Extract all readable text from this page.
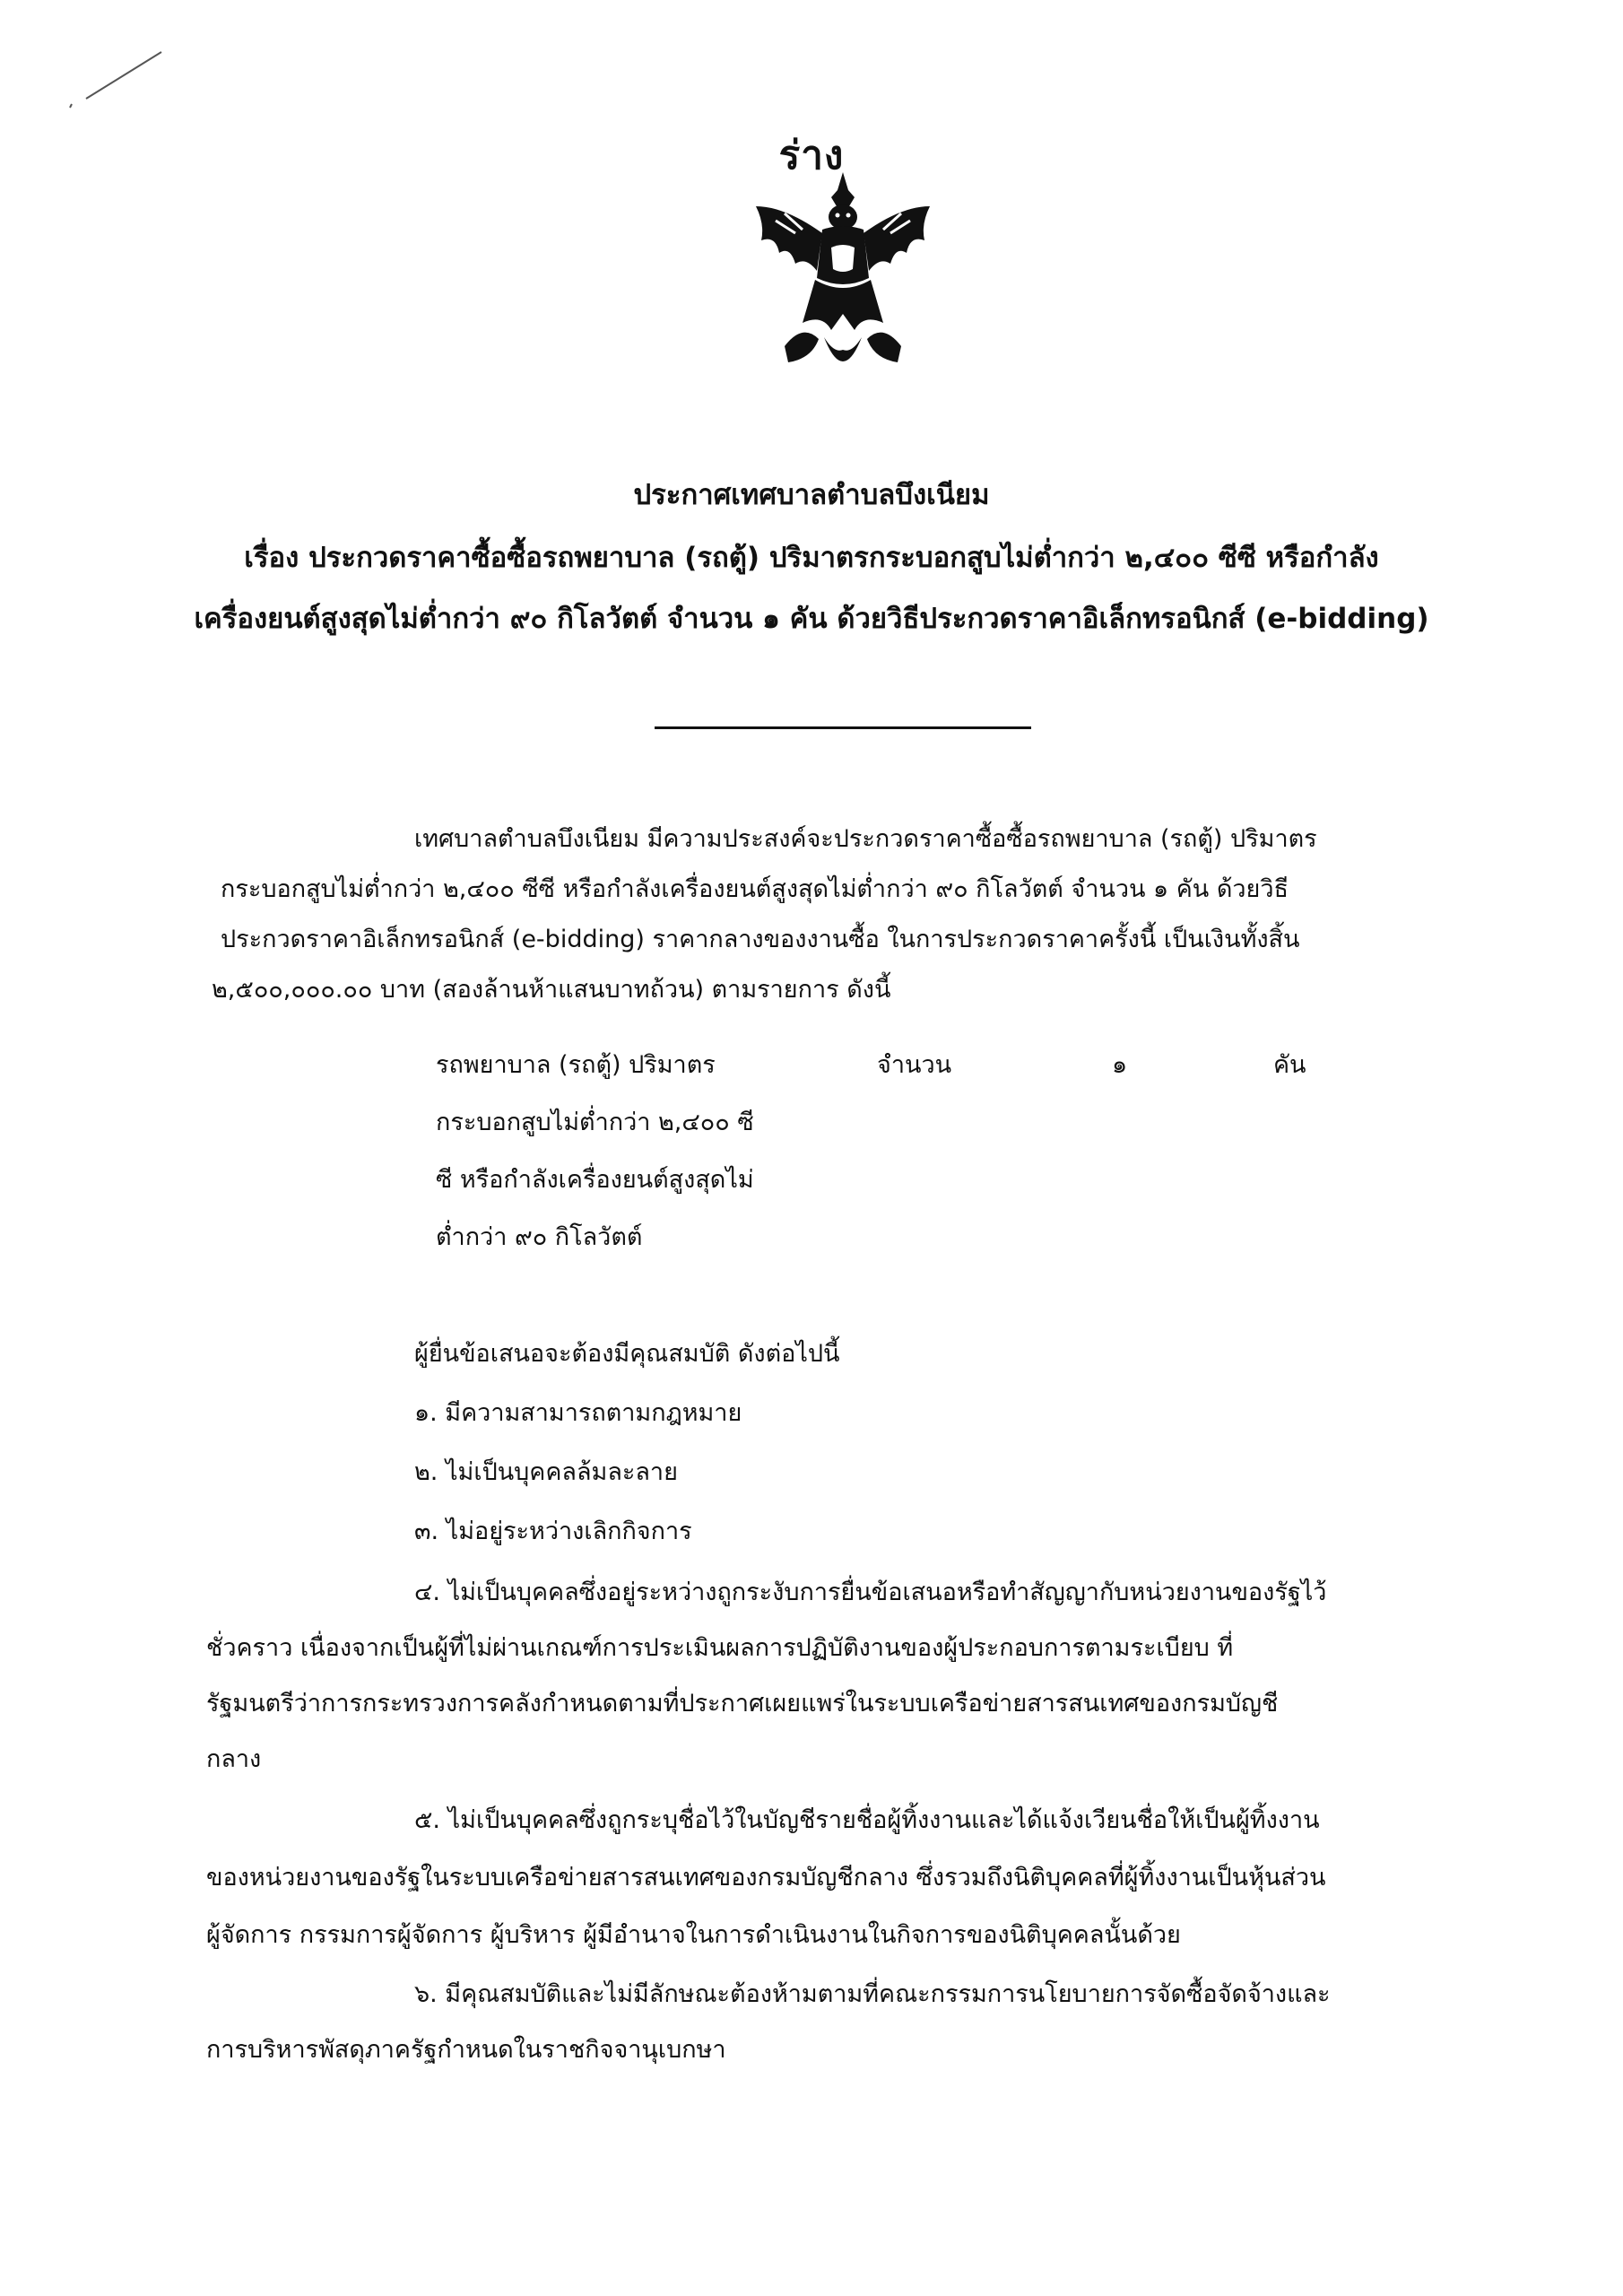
ร่าง
ประกาศเทศบาลตำบลบึงเนียม
เรื่อง ประกวดราคาซื้อซื้อรถพยาบาล (รถตู้) ปริมาตรกระบอกสูบไม่ต่ำกว่า ๒,๔๐๐ ซีซี หรือกำลัง
เครื่องยนต์สูงสุดไม่ต่ำกว่า ๙๐ กิโลวัตต์ จำนวน ๑ คัน ด้วยวิธีประกวดราคาอิเล็กทรอนิกส์ (e-bidding)
เทศบาลตำบลบึงเนียม มีความประสงค์จะประกวดราคาซื้อซื้อรถพยาบาล (รถตู้) ปริมาตร
กระบอกสูบไม่ต่ำกว่า ๒,๔๐๐ ซีซี หรือกำลังเครื่องยนต์สูงสุดไม่ต่ำกว่า ๙๐ กิโลวัตต์ จำนวน ๑ คัน ด้วยวิธี
ประกวดราคาอิเล็กทรอนิกส์ (e-bidding) ราคากลางของงานซื้อ ในการประกวดราคาครั้งนี้ เป็นเงินทั้งสิ้น
๒,๕๐๐,๐๐๐.๐๐ บาท (สองล้านห้าแสนบาทถ้วน) ตามรายการ ดังนี้
รถพยาบาล (รถตู้) ปริมาตร	จำนวน	๑	คัน
กระบอกสูบไม่ต่ำกว่า ๒,๔๐๐ ซี
ซี หรือกำลังเครื่องยนต์สูงสุดไม่
ต่ำกว่า ๙๐ กิโลวัตต์
ผู้ยื่นข้อเสนอจะต้องมีคุณสมบัติ ดังต่อไปนี้
๑. มีความสามารถตามกฎหมาย
๒. ไม่เป็นบุคคลล้มละลาย
๓. ไม่อยู่ระหว่างเลิกกิจการ
๔. ไม่เป็นบุคคลซึ่งอยู่ระหว่างถูกระงับการยื่นข้อเสนอหรือทำสัญญากับหน่วยงานของรัฐไว้
ชั่วคราว เนื่องจากเป็นผู้ที่ไม่ผ่านเกณฑ์การประเมินผลการปฏิบัติงานของผู้ประกอบการตามระเบียบ ที่
รัฐมนตรีว่าการกระทรวงการคลังกำหนดตามที่ประกาศเผยแพร่ในระบบเครือข่ายสารสนเทศของกรมบัญชี
กลาง
๕. ไม่เป็นบุคคลซึ่งถูกระบุชื่อไว้ในบัญชีรายชื่อผู้ทิ้งงานและได้แจ้งเวียนชื่อให้เป็นผู้ทิ้งงาน
ของหน่วยงานของรัฐในระบบเครือข่ายสารสนเทศของกรมบัญชีกลาง ซึ่งรวมถึงนิติบุคคลที่ผู้ทิ้งงานเป็นหุ้นส่วน
ผู้จัดการ กรรมการผู้จัดการ ผู้บริหาร ผู้มีอำนาจในการดำเนินงานในกิจการของนิติบุคคลนั้นด้วย
๖. มีคุณสมบัติและไม่มีลักษณะต้องห้ามตามที่คณะกรรมการนโยบายการจัดซื้อจัดจ้างและ
การบริหารพัสดุภาครัฐกำหนดในราชกิจจานุเบกษา
